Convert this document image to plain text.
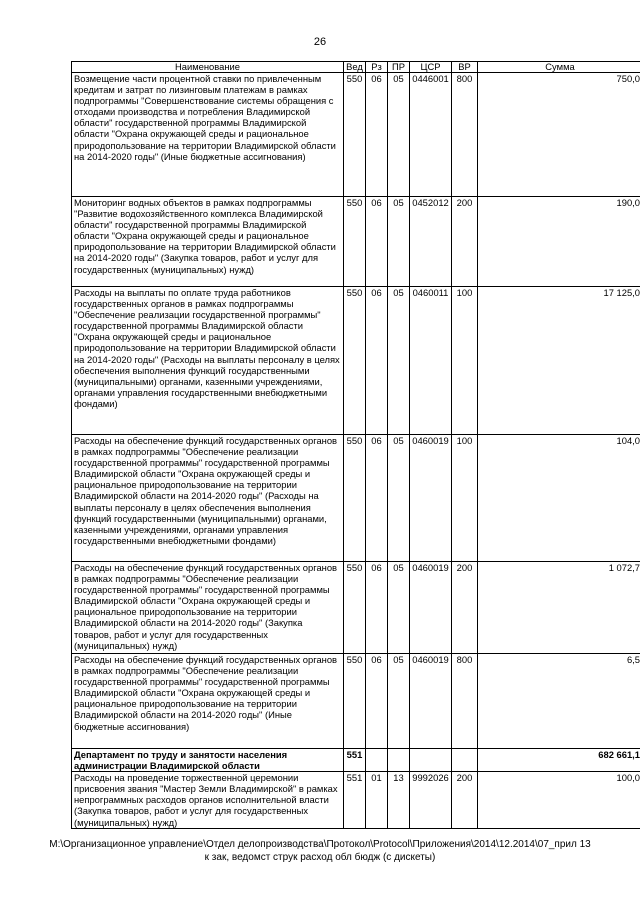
26
Наименование	Вед	Рз	ПР	ЦСР	ВР	Сумма
Возмещение части процентной ставки по привлеченным кредитам и затрат по лизинговым платежам в рамках подпрограммы "Совершенствование системы обращения с отходами производства и потребления Владимирской области" государственной программы Владимирской области "Охрана окружающей среды и рациональное природопользование на территории Владимирской области на 2014-2020 годы" (Иные бюджетные ассигнования)	550	06	05	0446001	800	750,0
Мониторинг водных объектов в рамках подпрограммы "Развитие водохозяйственного комплекса Владимирской области" государственной программы Владимирской области "Охрана окружающей среды и рациональное природопользование на территории Владимирской области на 2014-2020 годы" (Закупка товаров, работ и услуг для государственных (муниципальных) нужд)	550	06	05	0452012	200	190,0
Расходы на выплаты по оплате труда работников государственных органов в рамках подпрограммы "Обеспечение реализации государственной программы" государственной программы Владимирской области "Охрана окружающей среды и рациональное природопользование на территории Владимирской области на 2014-2020 годы" (Расходы на выплаты персоналу в целях обеспечения выполнения функций государственными (муниципальными) органами, казенными учреждениями, органами управления государственными внебюджетными фондами)	550	06	05	0460011	100	17 125,0
Расходы на обеспечение функций государственных органов в рамках подпрограммы "Обеспечение реализации государственной программы" государственной программы Владимирской области "Охрана окружающей среды и рациональное природопользование на территории Владимирской области на 2014-2020 годы" (Расходы на выплаты персоналу в целях обеспечения выполнения функций государственными (муниципальными) органами, казенными учреждениями, органами управления государственными внебюджетными фондами)	550	06	05	0460019	100	104,0
Расходы на обеспечение функций государственных органов в рамках подпрограммы "Обеспечение реализации государственной программы" государственной программы Владимирской области "Охрана окружающей среды и рациональное природопользование на территории Владимирской области на 2014-2020 годы" (Закупка товаров, работ и услуг для государственных (муниципальных) нужд)	550	06	05	0460019	200	1 072,7
Расходы на обеспечение функций государственных органов в рамках подпрограммы "Обеспечение реализации государственной программы" государственной программы Владимирской области "Охрана окружающей среды и рациональное природопользование на территории Владимирской области на 2014-2020 годы" (Иные бюджетные ассигнования)	550	06	05	0460019	800	6,5
Департамент по труду и занятости населения администрации Владимирской области	551					682 661,1
Расходы на проведение торжественной церемонии присвоения звания "Мастер Земли Владимирской" в рамках непрограммных расходов органов исполнительной власти (Закупка товаров, работ и услуг для государственных (муниципальных) нужд)	551	01	13	9992026	200	100,0
M:\Организационное управление\Отдел делопроизводства\Протокол\Protocol\Приложения\2014\12.2014\07_прил 13
к зак, ведомст струк расход обл бюдж (с дискеты)
